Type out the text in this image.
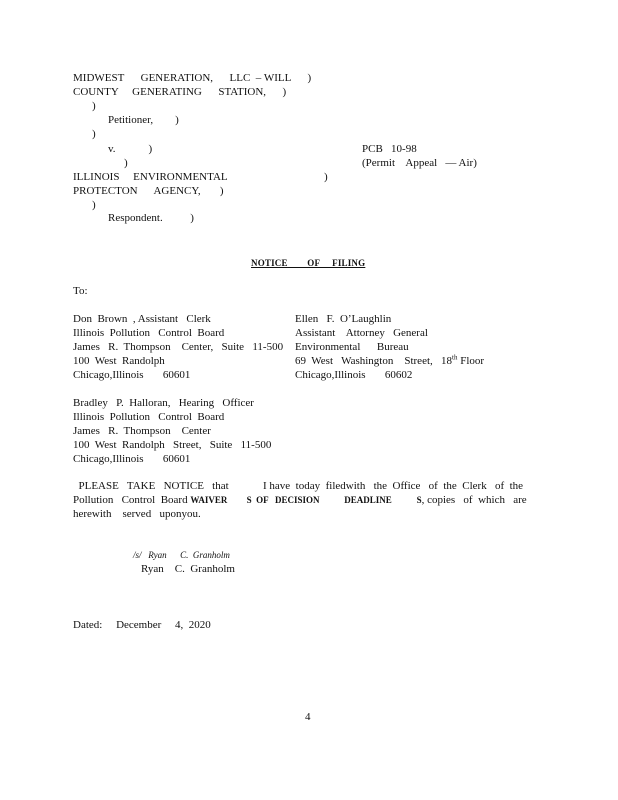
MIDWEST      GENERATION,      LLC  – WILL      )
COUNTY     GENERATING      STATION,      )
)
Petitioner,        )
)
v.            )
)
ILLINOIS     ENVIRONMENTAL	)
PROTECTON      AGENCY,       )
)
Respondent.          )
PCB   10-98
(Permit    Appeal   — Air)
NOTICE        OF     FILING
To:
Don  Brown  , Assistant   Clerk
Illinois  Pollution   Control  Board
James   R.  Thompson    Center,   Suite   11-500
100  West  Randolph
Chicago,Illinois       60601
Ellen   F.  O’Laughlin
Assistant    Attorney   General
Environmental      Bureau
69  West   Washington    Street,   18th Floor
Chicago,Illinois       60602
Bradley   P.  Halloran,   Hearing   Officer
Illinois  Pollution   Control  Board
James   R.  Thompson    Center
100  West  Randolph   Street,   Suite   11-500
Chicago,Illinois       60601
PLEASE   TAKE   NOTICE   that	I have  today  filedwith   the  Office   of  the  Clerk   of  the
Pollution   Control  Board WAIVER S  OF   DECISION	DEADLINE	S, copies   of  which   are
herewith    served   uponyou.
/s/   Ryan      C.  Granholm
Ryan    C.  Granholm
Dated:     December     4,  2020
4
